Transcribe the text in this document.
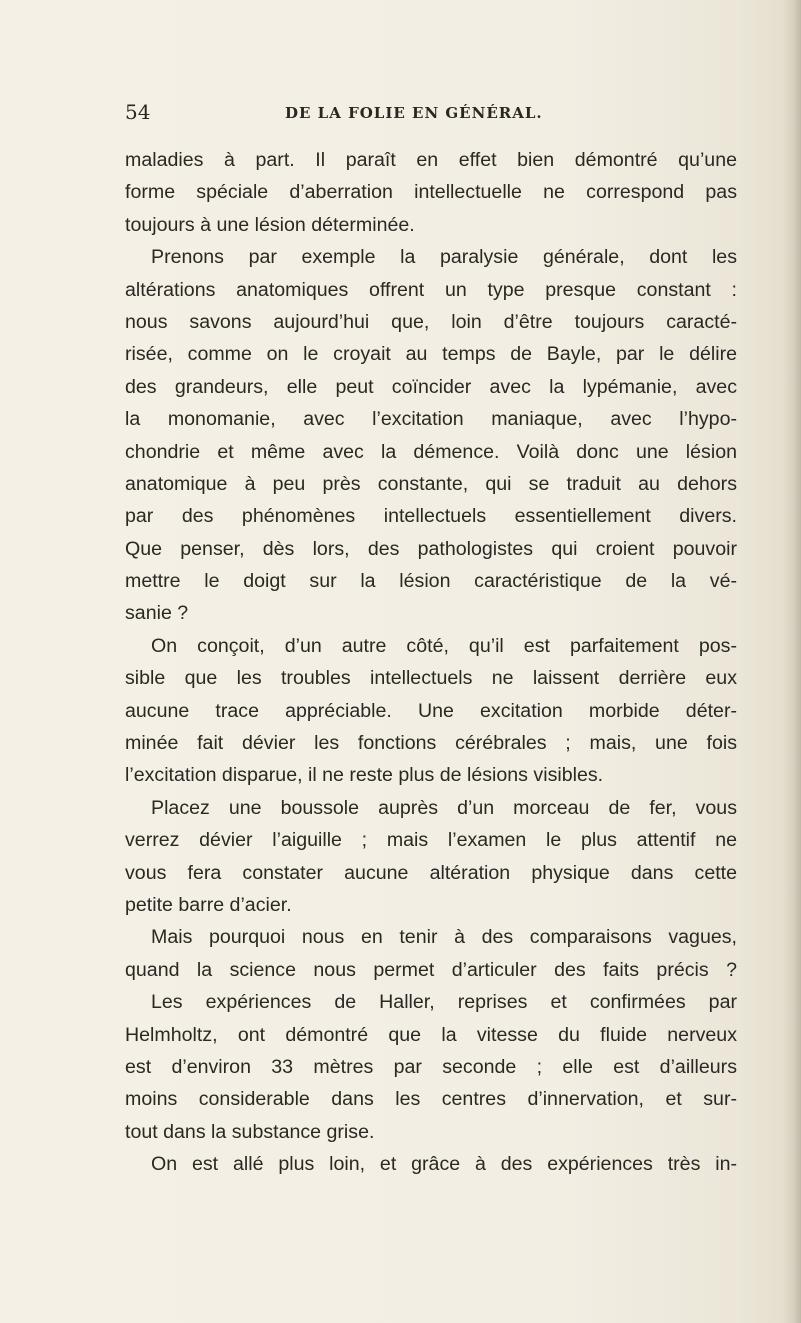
54	DE LA FOLIE EN GÉNÉRAL.
maladies à part. Il paraît en effet bien démontré qu’une
forme spéciale d’aberration intellectuelle ne correspond pas
toujours à une lésion déterminée.
Prenons par exemple la paralysie générale, dont les
altérations anatomiques offrent un type presque constant :
nous savons aujourd’hui que, loin d’être toujours caracté-
risée, comme on le croyait au temps de Bayle, par le délire
des grandeurs, elle peut coïncider avec la lypémanie, avec
la monomanie, avec l’excitation maniaque, avec l’hypo-
chondrie et même avec la démence. Voilà donc une lésion
anatomique à peu près constante, qui se traduit au dehors
par des phénomènes intellectuels essentiellement divers.
Que penser, dès lors, des pathologistes qui croient pouvoir
mettre le doigt sur la lésion caractéristique de la vé-
sanie ?
On conçoit, d’un autre côté, qu’il est parfaitement pos-
sible que les troubles intellectuels ne laissent derrière eux
aucune trace appréciable. Une excitation morbide déter-
minée fait dévier les fonctions cérébrales ; mais, une fois
l’excitation disparue, il ne reste plus de lésions visibles.
Placez une boussole auprès d’un morceau de fer, vous
verrez dévier l’aiguille ; mais l’examen le plus attentif ne
vous fera constater aucune altération physique dans cette
petite barre d’acier.
Mais pourquoi nous en tenir à des comparaisons vagues,
quand la science nous permet d’articuler des faits précis ?
Les expériences de Haller, reprises et confirmées par
Helmholtz, ont démontré que la vitesse du fluide nerveux
est d’environ 33 mètres par seconde ; elle est d’ailleurs
moins considerable dans les centres d’innervation, et sur-
tout dans la substance grise.
On est allé plus loin, et grâce à des expériences très in-
